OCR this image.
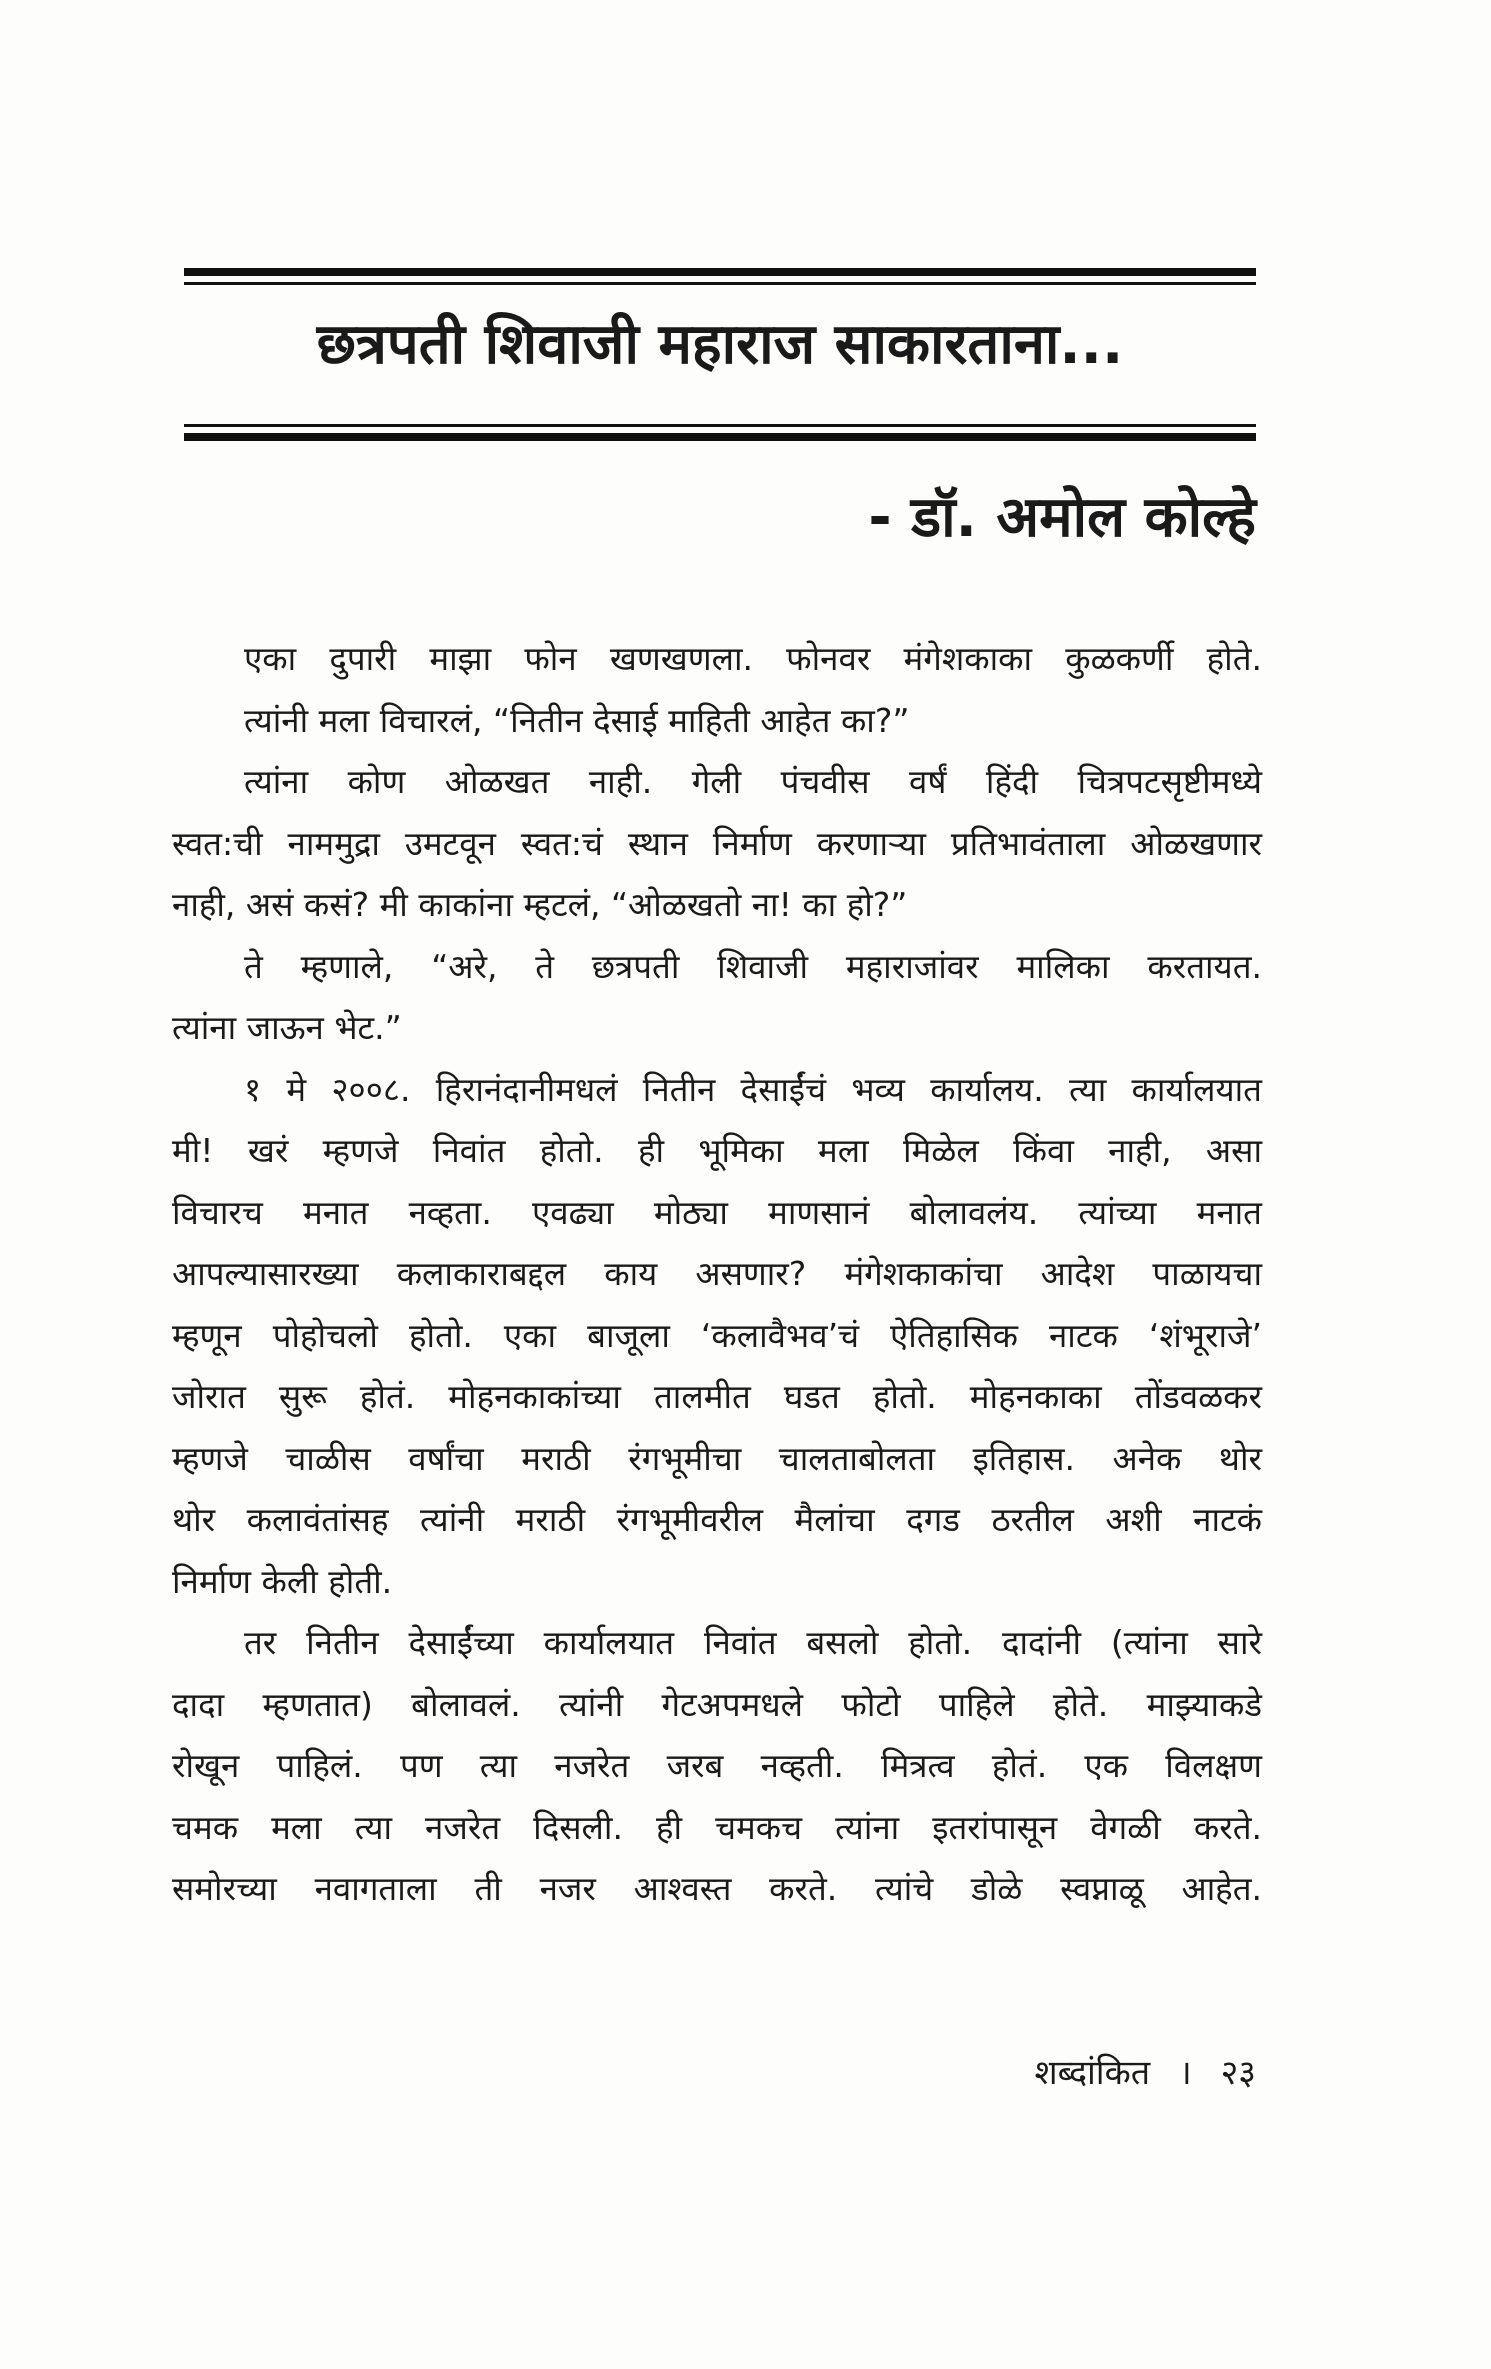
छत्रपती शिवाजी महाराज साकारताना...
- डॉ. अमोल कोल्हे
एका दुपारी माझा फोन खणखणला. फोनवर मंगेशकाका कुळकर्णी होते.
त्यांनी मला विचारलं, “नितीन देसाई माहिती आहेत का?”
त्यांना कोण ओळखत नाही. गेली पंचवीस वर्षं हिंदी चित्रपटसृष्टीमध्ये
स्वत:ची नाममुद्रा उमटवून स्वत:चं स्थान निर्माण करणाऱ्या प्रतिभावंताला ओळखणार
नाही, असं कसं? मी काकांना म्हटलं, “ओळखतो ना! का हो?”
ते म्हणाले, “अरे, ते छत्रपती शिवाजी महाराजांवर मालिका करतायत.
त्यांना जाऊन भेट.”
१ मे २००८. हिरानंदानीमधलं नितीन देसाईंचं भव्य कार्यालय. त्या कार्यालयात
मी! खरं म्हणजे निवांत होतो. ही भूमिका मला मिळेल किंवा नाही, असा
विचारच मनात नव्हता. एवढ्या मोठ्या माणसानं बोलावलंय. त्यांच्या मनात
आपल्यासारख्या कलाकाराबद्दल काय असणार? मंगेशकाकांचा आदेश पाळायचा
म्हणून पोहोचलो होतो. एका बाजूला ‘कलावैभव’चं ऐतिहासिक नाटक ‘शंभूराजे’
जोरात सुरू होतं. मोहनकाकांच्या तालमीत घडत होतो. मोहनकाका तोंडवळकर
म्हणजे चाळीस वर्षांचा मराठी रंगभूमीचा चालताबोलता इतिहास. अनेक थोर
थोर कलावंतांसह त्यांनी मराठी रंगभूमीवरील मैलांचा दगड ठरतील अशी नाटकं
निर्माण केली होती.
तर नितीन देसाईंच्या कार्यालयात निवांत बसलो होतो. दादांनी (त्यांना सारे
दादा म्हणतात) बोलावलं. त्यांनी गेटअपमधले फोटो पाहिले होते. माझ्याकडे
रोखून पाहिलं. पण त्या नजरेत जरब नव्हती. मित्रत्व होतं. एक विलक्षण
चमक मला त्या नजरेत दिसली. ही चमकच त्यांना इतरांपासून वेगळी करते.
समोरच्या नवागताला ती नजर आश्वस्त करते. त्यांचे डोळे स्वप्नाळू आहेत.
शब्दांकित । २३
